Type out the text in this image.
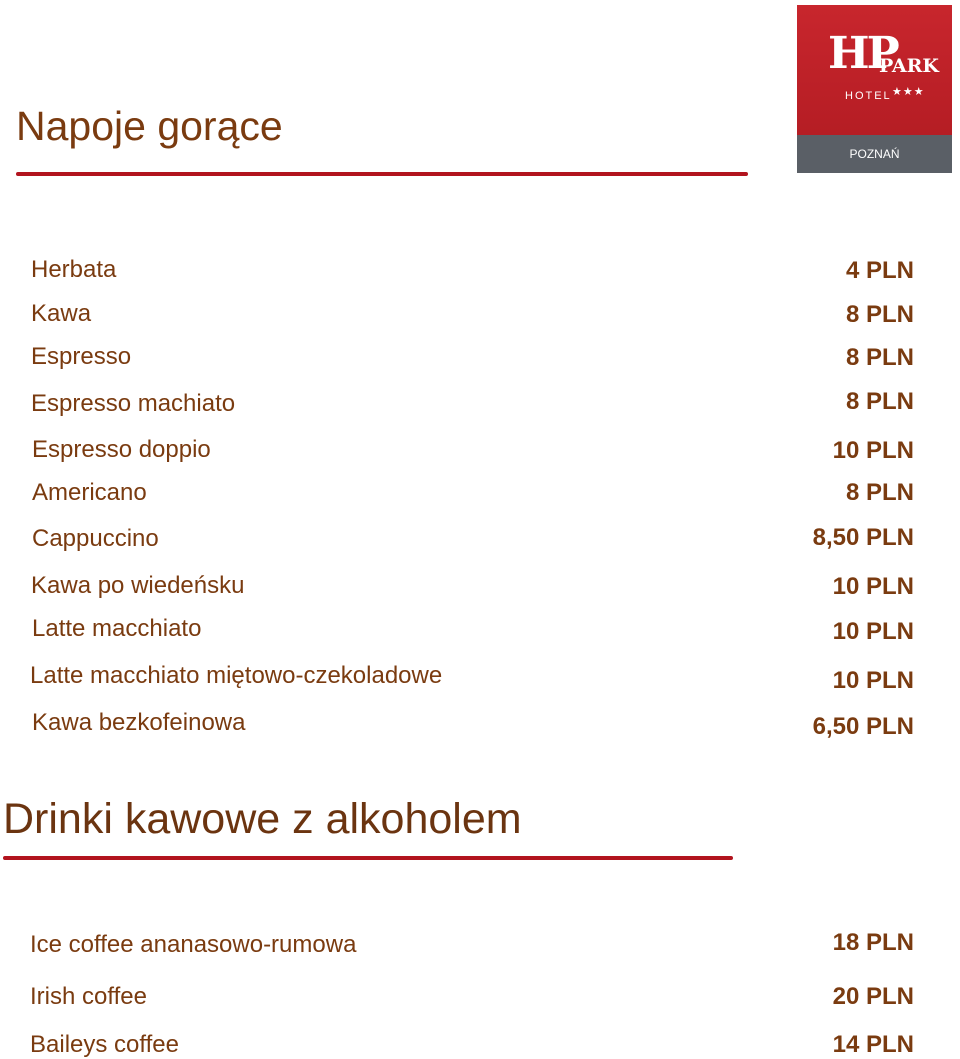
HP
PARK
HOTEL ★★★
POZNAŃ
Napoje gorące
Herbata	4 PLN
Kawa	8 PLN
Espresso	8 PLN
Espresso machiato	8 PLN
Espresso doppio	10 PLN
Americano	8 PLN
Cappuccino	8,50 PLN
Kawa po wiedeńsku	10 PLN
Latte macchiato	10 PLN
Latte macchiato miętowo-czekoladowe	10 PLN
Kawa bezkofeinowa	6,50 PLN
Drinki kawowe z alkoholem
Ice coffee ananasowo-rumowa	18 PLN
Irish coffee	20 PLN
Baileys coffee	14 PLN
